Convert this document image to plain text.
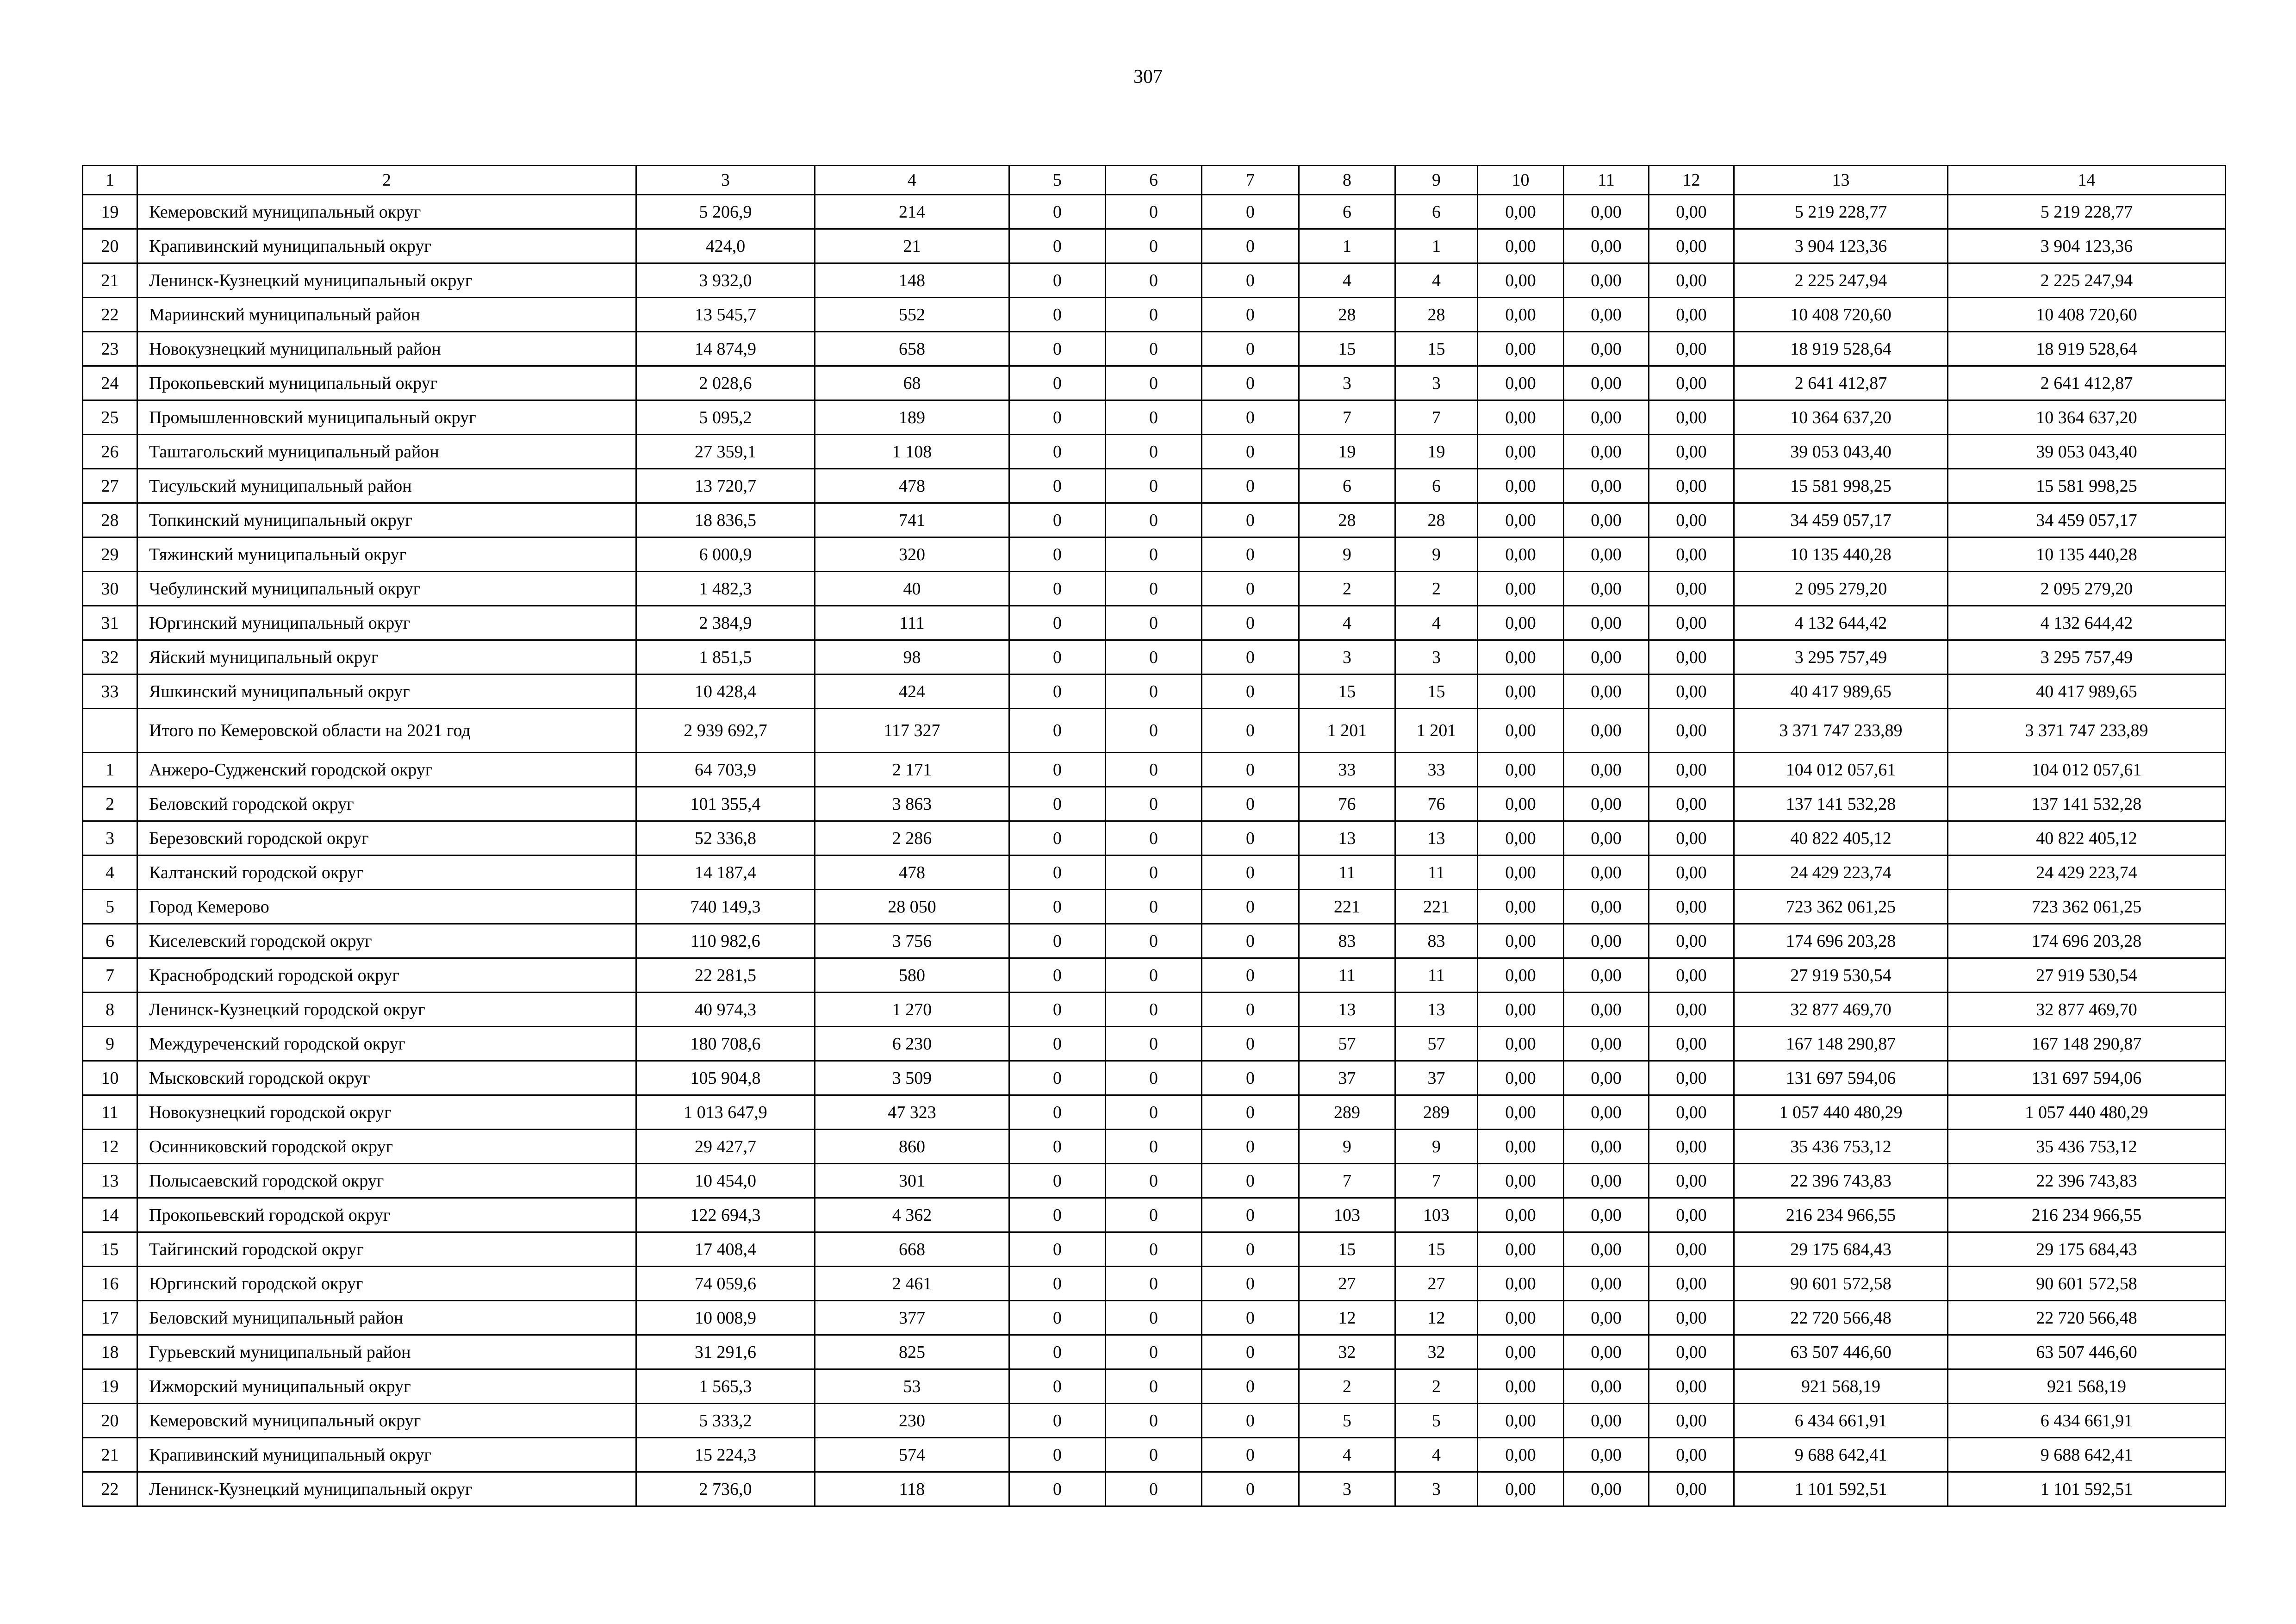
307
1	2	3	4	5	6	7	8	9	10	11	12	13	14
19	Кемеровский муниципальный округ	5 206,9	214	0	0	0	6	6	0,00	0,00	0,00	5 219 228,77	5 219 228,77
20	Крапивинский муниципальный округ	424,0	21	0	0	0	1	1	0,00	0,00	0,00	3 904 123,36	3 904 123,36
21	Ленинск-Кузнецкий муниципальный округ	3 932,0	148	0	0	0	4	4	0,00	0,00	0,00	2 225 247,94	2 225 247,94
22	Мариинский муниципальный район	13 545,7	552	0	0	0	28	28	0,00	0,00	0,00	10 408 720,60	10 408 720,60
23	Новокузнецкий муниципальный район	14 874,9	658	0	0	0	15	15	0,00	0,00	0,00	18 919 528,64	18 919 528,64
24	Прокопьевский муниципальный округ	2 028,6	68	0	0	0	3	3	0,00	0,00	0,00	2 641 412,87	2 641 412,87
25	Промышленновский муниципальный округ	5 095,2	189	0	0	0	7	7	0,00	0,00	0,00	10 364 637,20	10 364 637,20
26	Таштагольский муниципальный район	27 359,1	1 108	0	0	0	19	19	0,00	0,00	0,00	39 053 043,40	39 053 043,40
27	Тисульский муниципальный район	13 720,7	478	0	0	0	6	6	0,00	0,00	0,00	15 581 998,25	15 581 998,25
28	Топкинский муниципальный округ	18 836,5	741	0	0	0	28	28	0,00	0,00	0,00	34 459 057,17	34 459 057,17
29	Тяжинский муниципальный округ	6 000,9	320	0	0	0	9	9	0,00	0,00	0,00	10 135 440,28	10 135 440,28
30	Чебулинский муниципальный округ	1 482,3	40	0	0	0	2	2	0,00	0,00	0,00	2 095 279,20	2 095 279,20
31	Юргинский муниципальный округ	2 384,9	111	0	0	0	4	4	0,00	0,00	0,00	4 132 644,42	4 132 644,42
32	Яйский муниципальный округ	1 851,5	98	0	0	0	3	3	0,00	0,00	0,00	3 295 757,49	3 295 757,49
33	Яшкинский муниципальный округ	10 428,4	424	0	0	0	15	15	0,00	0,00	0,00	40 417 989,65	40 417 989,65
	Итого по Кемеровской области на 2021 год	2 939 692,7	117 327	0	0	0	1 201	1 201	0,00	0,00	0,00	3 371 747 233,89	3 371 747 233,89
1	Анжеро-Судженский городской округ	64 703,9	2 171	0	0	0	33	33	0,00	0,00	0,00	104 012 057,61	104 012 057,61
2	Беловский городской округ	101 355,4	3 863	0	0	0	76	76	0,00	0,00	0,00	137 141 532,28	137 141 532,28
3	Березовский городской округ	52 336,8	2 286	0	0	0	13	13	0,00	0,00	0,00	40 822 405,12	40 822 405,12
4	Калтанский городской округ	14 187,4	478	0	0	0	11	11	0,00	0,00	0,00	24 429 223,74	24 429 223,74
5	Город Кемерово	740 149,3	28 050	0	0	0	221	221	0,00	0,00	0,00	723 362 061,25	723 362 061,25
6	Киселевский городской округ	110 982,6	3 756	0	0	0	83	83	0,00	0,00	0,00	174 696 203,28	174 696 203,28
7	Краснобродский городской округ	22 281,5	580	0	0	0	11	11	0,00	0,00	0,00	27 919 530,54	27 919 530,54
8	Ленинск-Кузнецкий городской округ	40 974,3	1 270	0	0	0	13	13	0,00	0,00	0,00	32 877 469,70	32 877 469,70
9	Междуреченский городской округ	180 708,6	6 230	0	0	0	57	57	0,00	0,00	0,00	167 148 290,87	167 148 290,87
10	Мысковский городской округ	105 904,8	3 509	0	0	0	37	37	0,00	0,00	0,00	131 697 594,06	131 697 594,06
11	Новокузнецкий городской округ	1 013 647,9	47 323	0	0	0	289	289	0,00	0,00	0,00	1 057 440 480,29	1 057 440 480,29
12	Осинниковский городской округ	29 427,7	860	0	0	0	9	9	0,00	0,00	0,00	35 436 753,12	35 436 753,12
13	Полысаевский городской округ	10 454,0	301	0	0	0	7	7	0,00	0,00	0,00	22 396 743,83	22 396 743,83
14	Прокопьевский городской округ	122 694,3	4 362	0	0	0	103	103	0,00	0,00	0,00	216 234 966,55	216 234 966,55
15	Тайгинский городской округ	17 408,4	668	0	0	0	15	15	0,00	0,00	0,00	29 175 684,43	29 175 684,43
16	Юргинский городской округ	74 059,6	2 461	0	0	0	27	27	0,00	0,00	0,00	90 601 572,58	90 601 572,58
17	Беловский муниципальный район	10 008,9	377	0	0	0	12	12	0,00	0,00	0,00	22 720 566,48	22 720 566,48
18	Гурьевский муниципальный район	31 291,6	825	0	0	0	32	32	0,00	0,00	0,00	63 507 446,60	63 507 446,60
19	Ижморский муниципальный округ	1 565,3	53	0	0	0	2	2	0,00	0,00	0,00	921 568,19	921 568,19
20	Кемеровский муниципальный округ	5 333,2	230	0	0	0	5	5	0,00	0,00	0,00	6 434 661,91	6 434 661,91
21	Крапивинский муниципальный округ	15 224,3	574	0	0	0	4	4	0,00	0,00	0,00	9 688 642,41	9 688 642,41
22	Ленинск-Кузнецкий муниципальный округ	2 736,0	118	0	0	0	3	3	0,00	0,00	0,00	1 101 592,51	1 101 592,51
